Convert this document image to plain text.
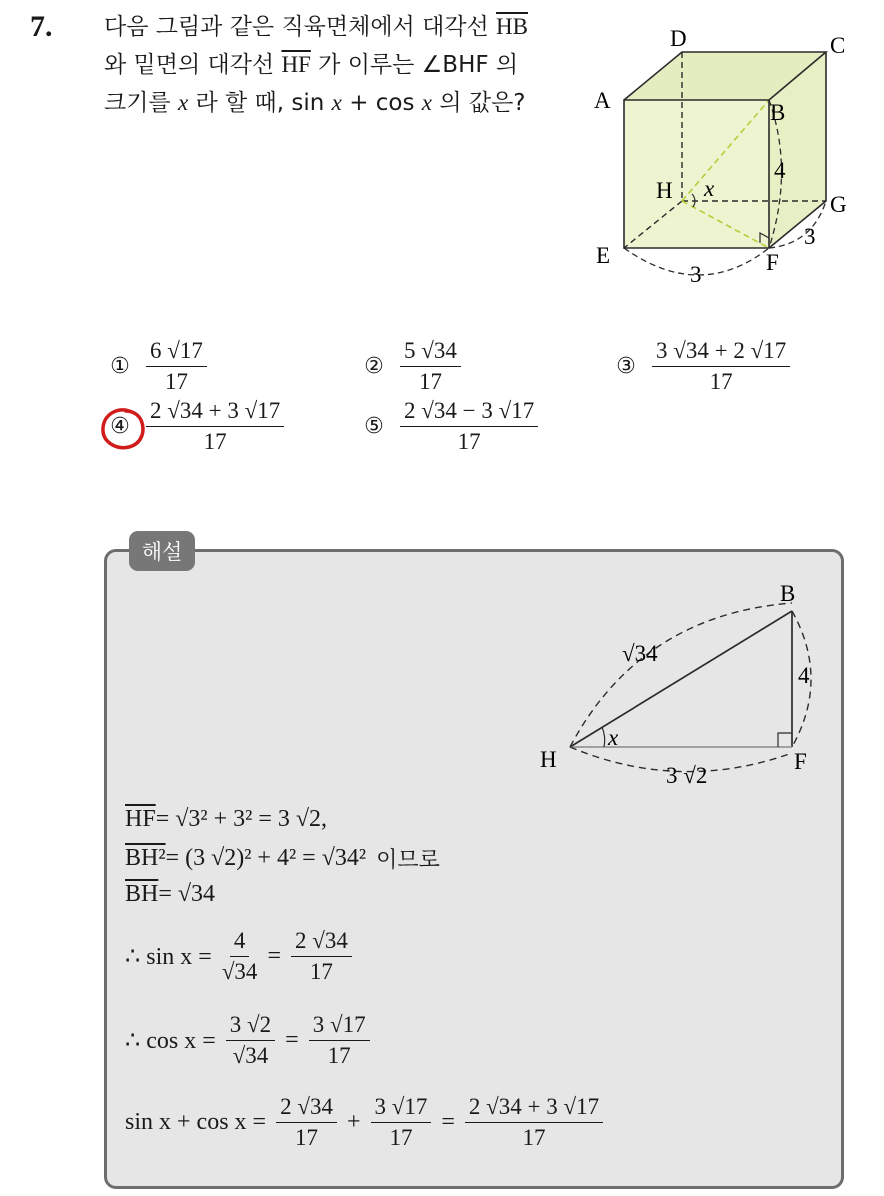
7. 다음 그림과 같은 직육면체에서 대각선 $\overline{HB}$
와 밑면의 대각선 $\overline{HF}$ 가 이루는 ∠BHF 의
크기를 x 라 할 때, sin x + cos x 의 값은?	A
D	C
B
H x
G
E	F
4
3
3
① $\frac{6 √17}{17}$	② $\frac{5 √34}{17}$	③ $\frac{3 √34 + 2 √17}{17}$
④ $\frac{2 √34 + 3 √17}{17}$	⑤ $\frac{2 √34 - 3 √17}{17}$
해설
B
H	F
x
√34
4
3 √2
$\overline{HF} = √3^2 + 3^2 = 3$ √2,
BH² = (3 √2)² + 4² = √34² 이므로
$\overline{BH} = √34$
∴ $\sin x = \frac{4}{√34} = \frac{2 √34}{17}$
∴ $\cos x = \frac{3 √2}{√34} = \frac{3 √17}{17}$
$\sin x + \cos x = \frac{2 √34}{17} + \frac{3 √17}{17} = \frac{2 √34 + 3 √17}{17}$
